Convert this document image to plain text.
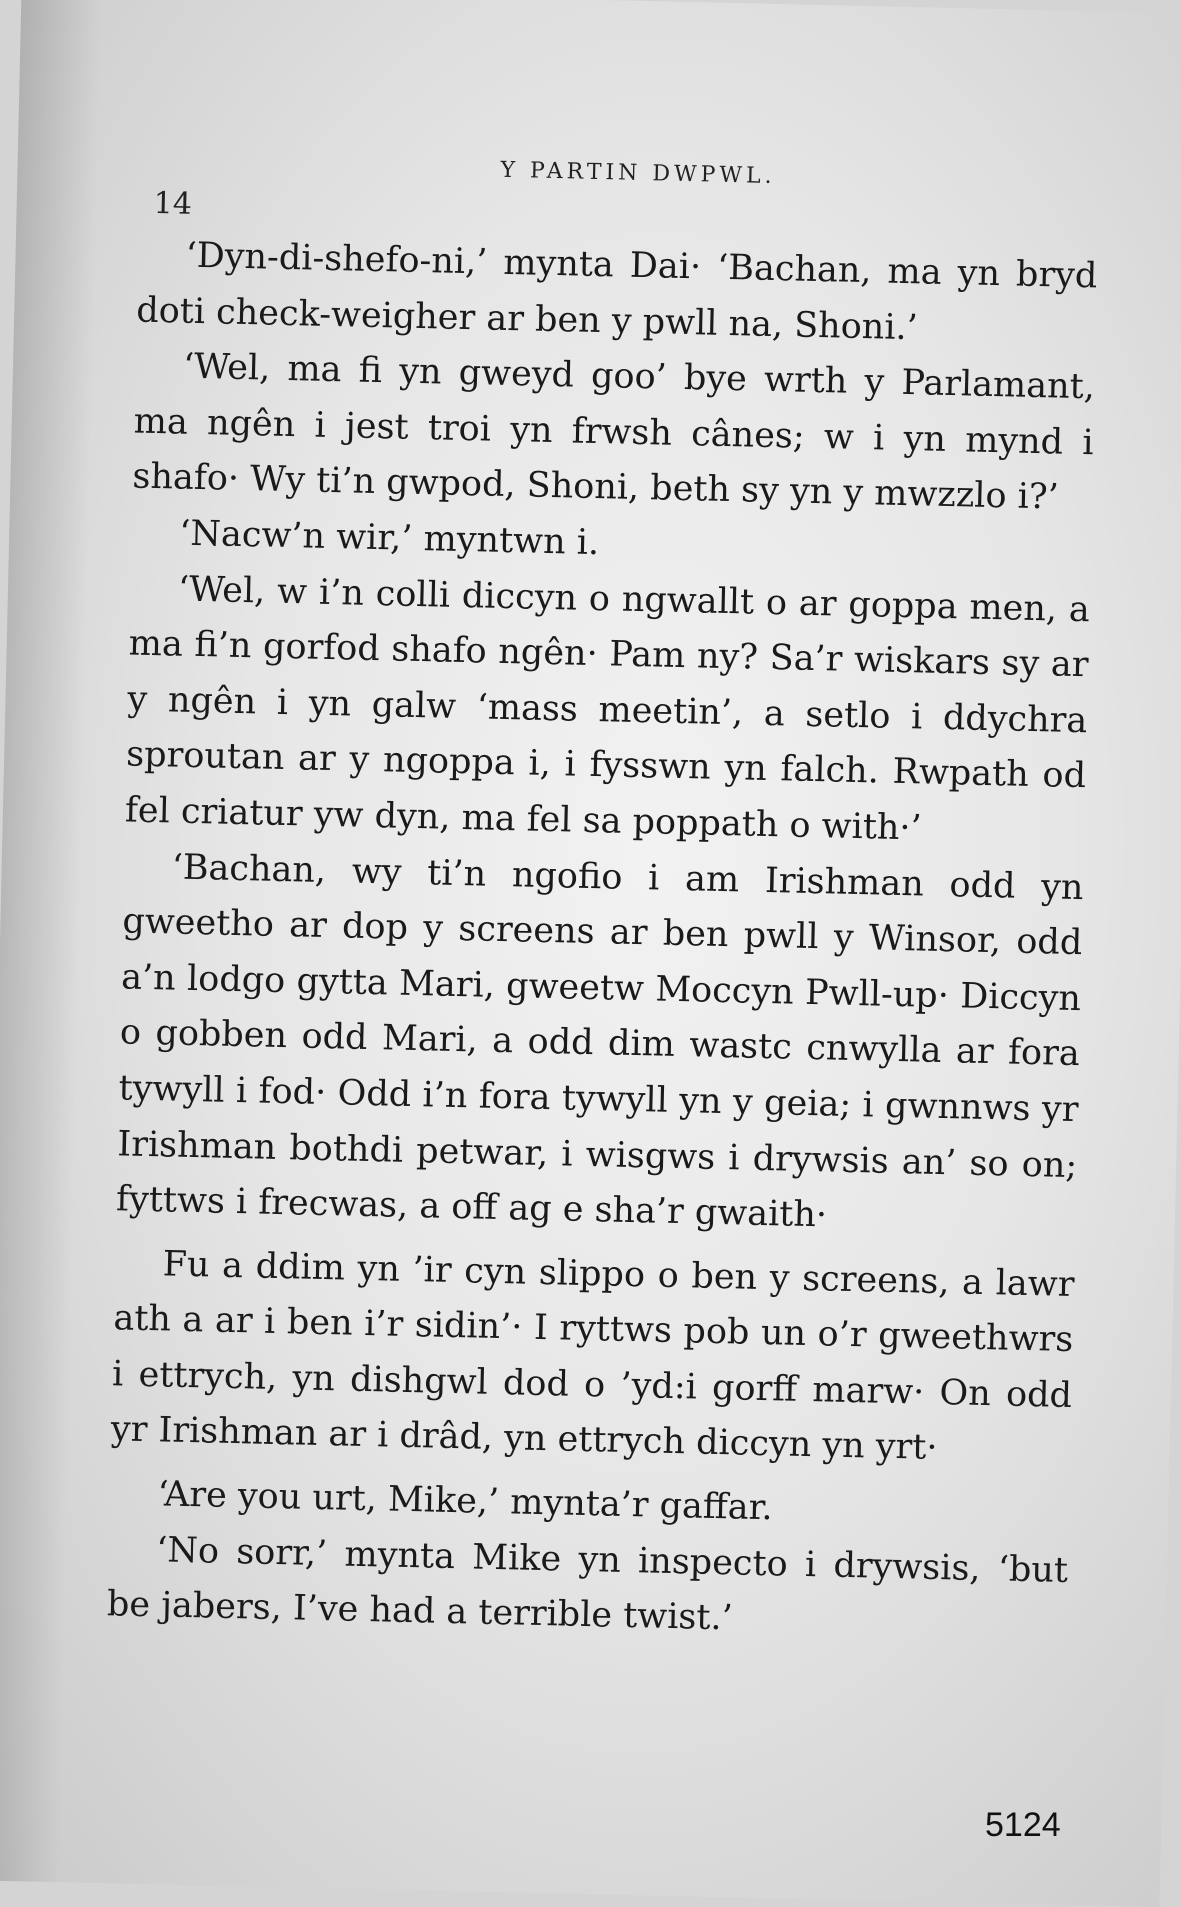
Y PARTIN DWPWL.
14

‘Dyn-di-shefo-ni,’ mynta Dai· ‘Bachan, ma yn bryd doti check-weigher ar ben y pwll na, Shoni.’

‘Wel, ma fi yn gweyd goo’ bye wrth y Parlamant, ma ngên i jest troi yn frwsh cânes; w i yn mynd i shafo· Wy ti’n gwpod, Shoni, beth sy yn y mwzzlo i?’

‘Nacw’n wir,’ myntwn i.

‘Wel, w i’n colli diccyn o ngwallt o ar goppa men, a ma fi’n gorfod shafo ngên· Pam ny? Sa’r wiskars sy ar y ngên i yn galw ‘mass meetin’, a setlo i ddychra sproutan ar y ngoppa i, i fysswn yn falch. Rwpath od fel criatur yw dyn, ma fel sa poppath o with·’

‘Bachan, wy ti’n ngofio i am Irishman odd yn gweetho ar dop y screens ar ben pwll y Winsor, odd a’n lodgo gytta Mari, gweetw Moccyn Pwll-up· Diccyn o gobben odd Mari, a odd dim wastc cnwylla ar fora tywyll i fod· Odd i’n fora tywyll yn y geia; i gwnnws yr Irishman bothdi petwar, i wisgws i drywsis an’ so on; fyttws i frecwas, a off ag e sha’r gwaith·

Fu a ddim yn ’ir cyn slippo o ben y screens, a lawr ath a ar i ben i’r sidin’· I ryttws pob un o’r gweethwrs i ettrych, yn dishgwl dod o ’yd:i gorff marw· On odd yr Irishman ar i drâd, yn ettrych diccyn yn yrt·

‘Are you urt, Mike,’ mynta’r gaffar.

‘No sorr,’ mynta Mike yn inspecto i drywsis, ‘but be jabers, I’ve had a terrible twist.’

5124
